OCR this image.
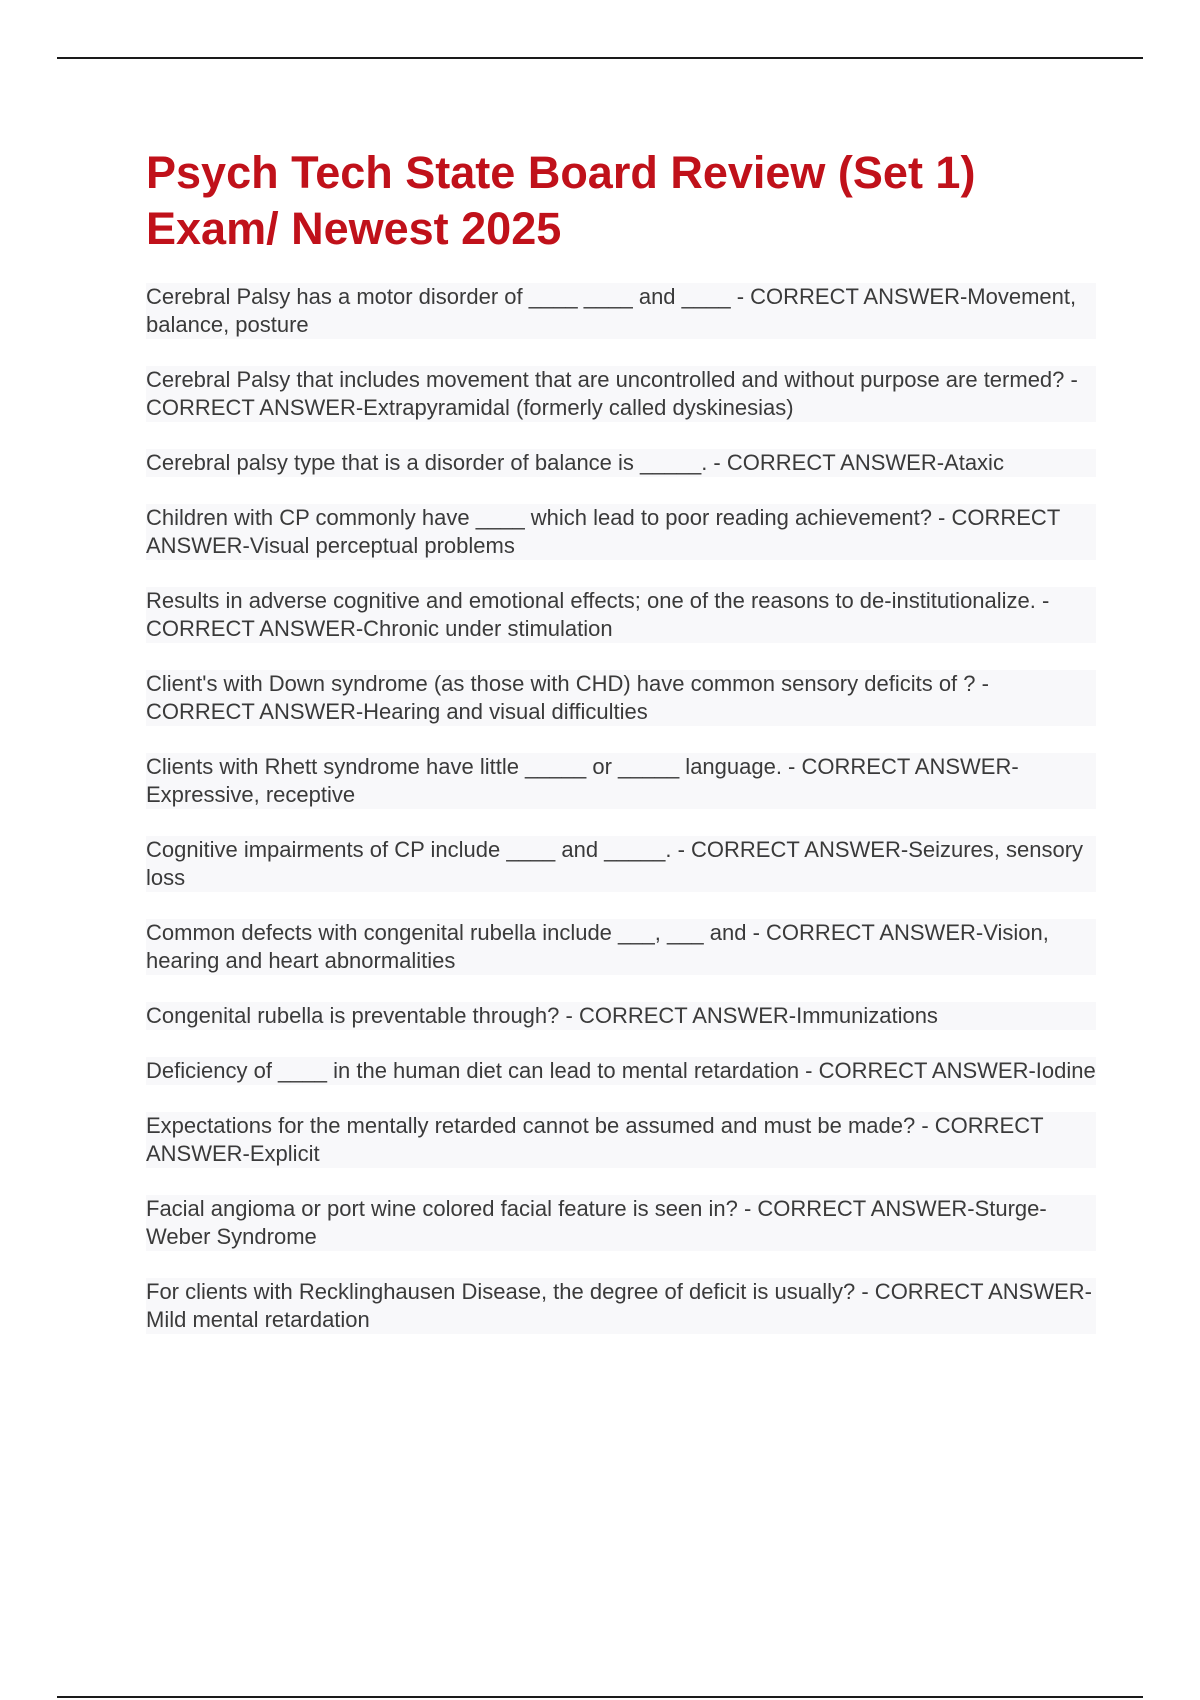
Psych Tech State Board Review (Set 1)
Exam/ Newest 2025

Cerebral Palsy has a motor disorder of ____ ____ and ____ - CORRECT ANSWER-Movement, balance, posture

Cerebral Palsy that includes movement that are uncontrolled and without purpose are termed? - CORRECT ANSWER-Extrapyramidal (formerly called dyskinesias)

Cerebral palsy type that is a disorder of balance is _____. - CORRECT ANSWER-Ataxic

Children with CP commonly have ____ which lead to poor reading achievement? - CORRECT ANSWER-Visual perceptual problems

Results in adverse cognitive and emotional effects; one of the reasons to de-institutionalize. - CORRECT ANSWER-Chronic under stimulation

Client's with Down syndrome (as those with CHD) have common sensory deficits of ? - CORRECT ANSWER-Hearing and visual difficulties

Clients with Rhett syndrome have little _____ or _____ language. - CORRECT ANSWER-Expressive, receptive

Cognitive impairments of CP include ____ and _____. - CORRECT ANSWER-Seizures, sensory loss

Common defects with congenital rubella include ___, ___ and - CORRECT ANSWER-Vision, hearing and heart abnormalities

Congenital rubella is preventable through? - CORRECT ANSWER-Immunizations

Deficiency of ____ in the human diet can lead to mental retardation - CORRECT ANSWER-Iodine

Expectations for the mentally retarded cannot be assumed and must be made? - CORRECT ANSWER-Explicit

Facial angioma or port wine colored facial feature is seen in? - CORRECT ANSWER-Sturge-Weber Syndrome

For clients with Recklinghausen Disease, the degree of deficit is usually? - CORRECT ANSWER-Mild mental retardation
